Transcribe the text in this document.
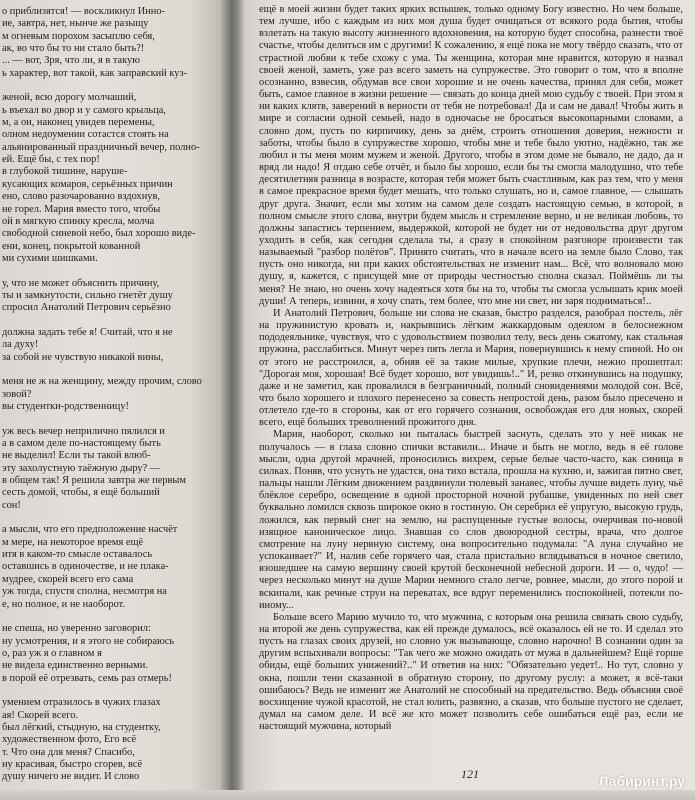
о приблизятся! — воскликнул Инно-
ие, завтра, нет, нынче же разыщу
м огневым порохом засыплю себя,
ак, во что бы то ни стало быть?!
... — вот, Зря, что ли, я в такую
ь характер, вот такой, как заправский куз-

женой, всю дорогу молчаший,
ь въехал во двор и у самого крыльца,
м, а он, наконец увидев перемены,
олном недоумении сотастся стоять на
альянированный праздничный вечер, полно-
ей. Ещё бы, с тех пор!
в глубокой тишине, наруше-
кусающих комаров, серьёзных причин
ено, слово разочарованно вздохнув,
не горел. Мария вместо того, чтобы
ой в мягкую спинку кресла, молча
свободной синевой небо, был хорошо виде-
ени, конец, покрытой кованной
ми сухими шишками.

у, что не может объяснить причину,
ты и замкнутости, сильно гнетёт душу
спросил Анатолий Петрович серьёзно

должна задать тебе я! Считай, что я не
ла духу!
за собой не чувствую никакой вины,

меня не ж на женщину, между прочим, слово
зовой?
вы студентки-родственницу!

уж весь вечер неприлично пялился и
а в самом деле по-настоящему быть
не выделил! Если ты такой влюб-
эту захолустную таёжную дыру? —
в общем так! Я решила завтра же первым
сесть домой, чтобы, я ещё больший
сон!

а мысли, что его предположение насчёт
м мере, на некоторое время ещё
итя в каком-то смысле оставалось
оставшись в одиночестве, и не плака-
мудрее, скорей всего его сама
уж тогда, спустя сполна, несмотря на
е, но полное, и не наоборот.

не спеша, но уверенно заговорил:
ну усмотрения, и я этого не собираюсь
о, раз уж я о главном я
не видела единственно верными.
в порой её отрезвать, семь раз отмерь!

умением отразилось в чужих глазах
ая! Скорей всего.
был лёгкий, стыдную, на студентку,
художественном фото, Его всё
т. Что она для меня? Спасибо,
ну красивая, быстро сгорев, всё
душу ничего не видит. И слово

ещё в моей жизни будет таких ярких вспышек, только одному Богу известно. Но чем больше, тем лучше, ибо с каждым из них моя душа будет очищаться от всякого рода бытия, чтобы взлетать на такую высоту жизненного вдохновения, на которую будет способна, разнести твоё счастье, чтобы делиться им с другими! К сожалению, я ещё пока не могу твёрдо сказать, что от страстной любви к тебе схожу с ума. Ты женщина, которая мне нравится, которую я назвал своей женой, заметь, уже раз всего заметь на супружестве. Это говорит о том, что я вполне осознанно, взвесив, обдумав все свои хорошие и не очень качества, принял для себя, может быть, самое главное в жизни решение — связать до конца дней мою судьбу с твоей. При этом я ни каких клятв, заверений в верности от тебя не потребовал! Да и сам не давал! Чтобы жить в мире и согласии одной семьей, надо в одночасье не бросаться высокопарными словами, а словно дом, пусть по кирпичику, день за днём, строить отношения доверия, нежности и заботы, чтобы было в супружестве хорошо, чтобы мне и тебе было уютно, надёжно, так же любил и ты меня моим мужем и женой. Другого, чтобы в этом доме не бывало, не дадо, да и вряд ли надо! Я отдаю себе отчёт, и было бы хорошо, если бы ты смогла малодушно, что тебе десятилетняя разница в возрасте, которая тебя может быть счастливым, как раз тем, что у меня в самое прекрасное время будет мешать, что только слушать, но и, самое главное, — слышать друг друга. Значит, если мы хотим на самом деле создать настоящую семью, в которой, в полном смысле этого слова, внутри будем мысль и стремление верно, и не великая любовь, то должны запастись терпением, выдержкой, которой не будет ни от недовольства друг другом уходить в себя, как сегодня сделала ты, а сразу в спокойном разговоре произвести так называемый "разбор полётов". Принято считать, что в начале всего на земле было Слово, так пусть оно никогда, ни при каких обстоятельствах не изменит нам... Всё, что волновало мою душу, я, кажется, с присущей мне от природы честностью сполна сказал. Поймёшь ли ты меня? Не знаю, но очень хочу надеяться хотя бы на то, чтобы ты смогла услышать крик моей души! А теперь, извини, я хочу спать, тем более, что мне ни свет, ни заря подниматься!..

И Анатолий Петрович, больше ни слова не сказав, быстро разделся, разобрал постель, лёг на пружинистую кровать и, накрывшись лёгким жаккардовым одеялом в белоснежном пододеяльнике, чувствуя, что с удовольствием позволил телу, весь день сжатому, как стальная пружина, расслабиться. Минут через пять легла и Мария, повернувшись к нему спиной. Но он от этого не расстроился, а, обняв её за такие милые, хрупкие плечи, нежно прошептал: "Дорогая моя, хорошая! Всё будет хорошо, вот увидишь!.." И, резко откинувшись на подушку, даже и не заметил, как провалился в безграничный, полный сновидениями молодой сон. Всё, что было хорошего и плохого перенесено за совесть непростой день, разом было пресечено и отлетело где-то в стороны, как от его горячего сознания, освобождая его для новых, скорей всего, ещё больших треволнений прожитого дня.

Мария, наоборот, сколько ни пыталась быстрей заснуть, сделать это у неё никак не получалось — в глаза словно спички вставили... Иначе и быть не могло, ведь в её голове мысли, одна другой мрачней, проносились вихрем, серые белые часто-часто, как синица в силках. Поняв, что уснуть не удастся, она тихо встала, прошла на кухню, и, зажигая пятно свет, пальцы нашли Лёгким движением раздвинули тюлевый занавес, чтобы лучше видеть луну, чьё блёклое серебро, освещение в одной просторной ночной рубашке, увиденных по ней свет буквально ломился сквозь широкое окно в гостиную. Он серебрил её упругую, высокую грудь, ложился, как первый снег на землю, на распущенные густые волосы, очерчивая по-новой изящное каноническое лицо. Знавшая со слов двоюродной сестры, врача, что долгое смотрение на луну нервную систему, она вопросительно подумала: "А луна случайно не успокаивает?" И, налив себе горячего чая, стала пристально вглядываться в ночное светило, взошедшее на самую вершину своей крутой бесконечной небесной дороги. И — о, чудо! — через несколько минут на душе Марии немного стало легче, ровнее, мысли, до этого порой и вскипали, как речные струи на перекатах, все вдруг переменились поспокойней, потекли по-иному...

Больше всего Марию мучило то, что мужчина, с которым она решила связать свою судьбу, на второй же день супружества, как ей прежде думалось, всё оказалось ей не то. И сделал это пусть на глазах своих друзей, но словно уж вызывающе, словно нарочно! В сознании один за другим вспыхивали вопросы: "Так чего же можно ожидать от мужа в дальнейшем? Ещё горше обиды, ещё больших унижений?.." И ответив на них: "Обязательно уедет!.. Но тут, словно у окна, пошли тени сказанной в обратную сторону, по другому руслу: а может, я всё-таки ошибаюсь? Ведь не изменит же Анатолий не способный на предательство. Ведь объясняя своё восхищение чужой красотой, не стал юлить, развязно, а сказав, что больше пустого не сделает, думал на самом деле. И всё же кто может позволить себе ошибаться ещё раз, если не настоящий мужчина, который

121	Лабиринт.ру
